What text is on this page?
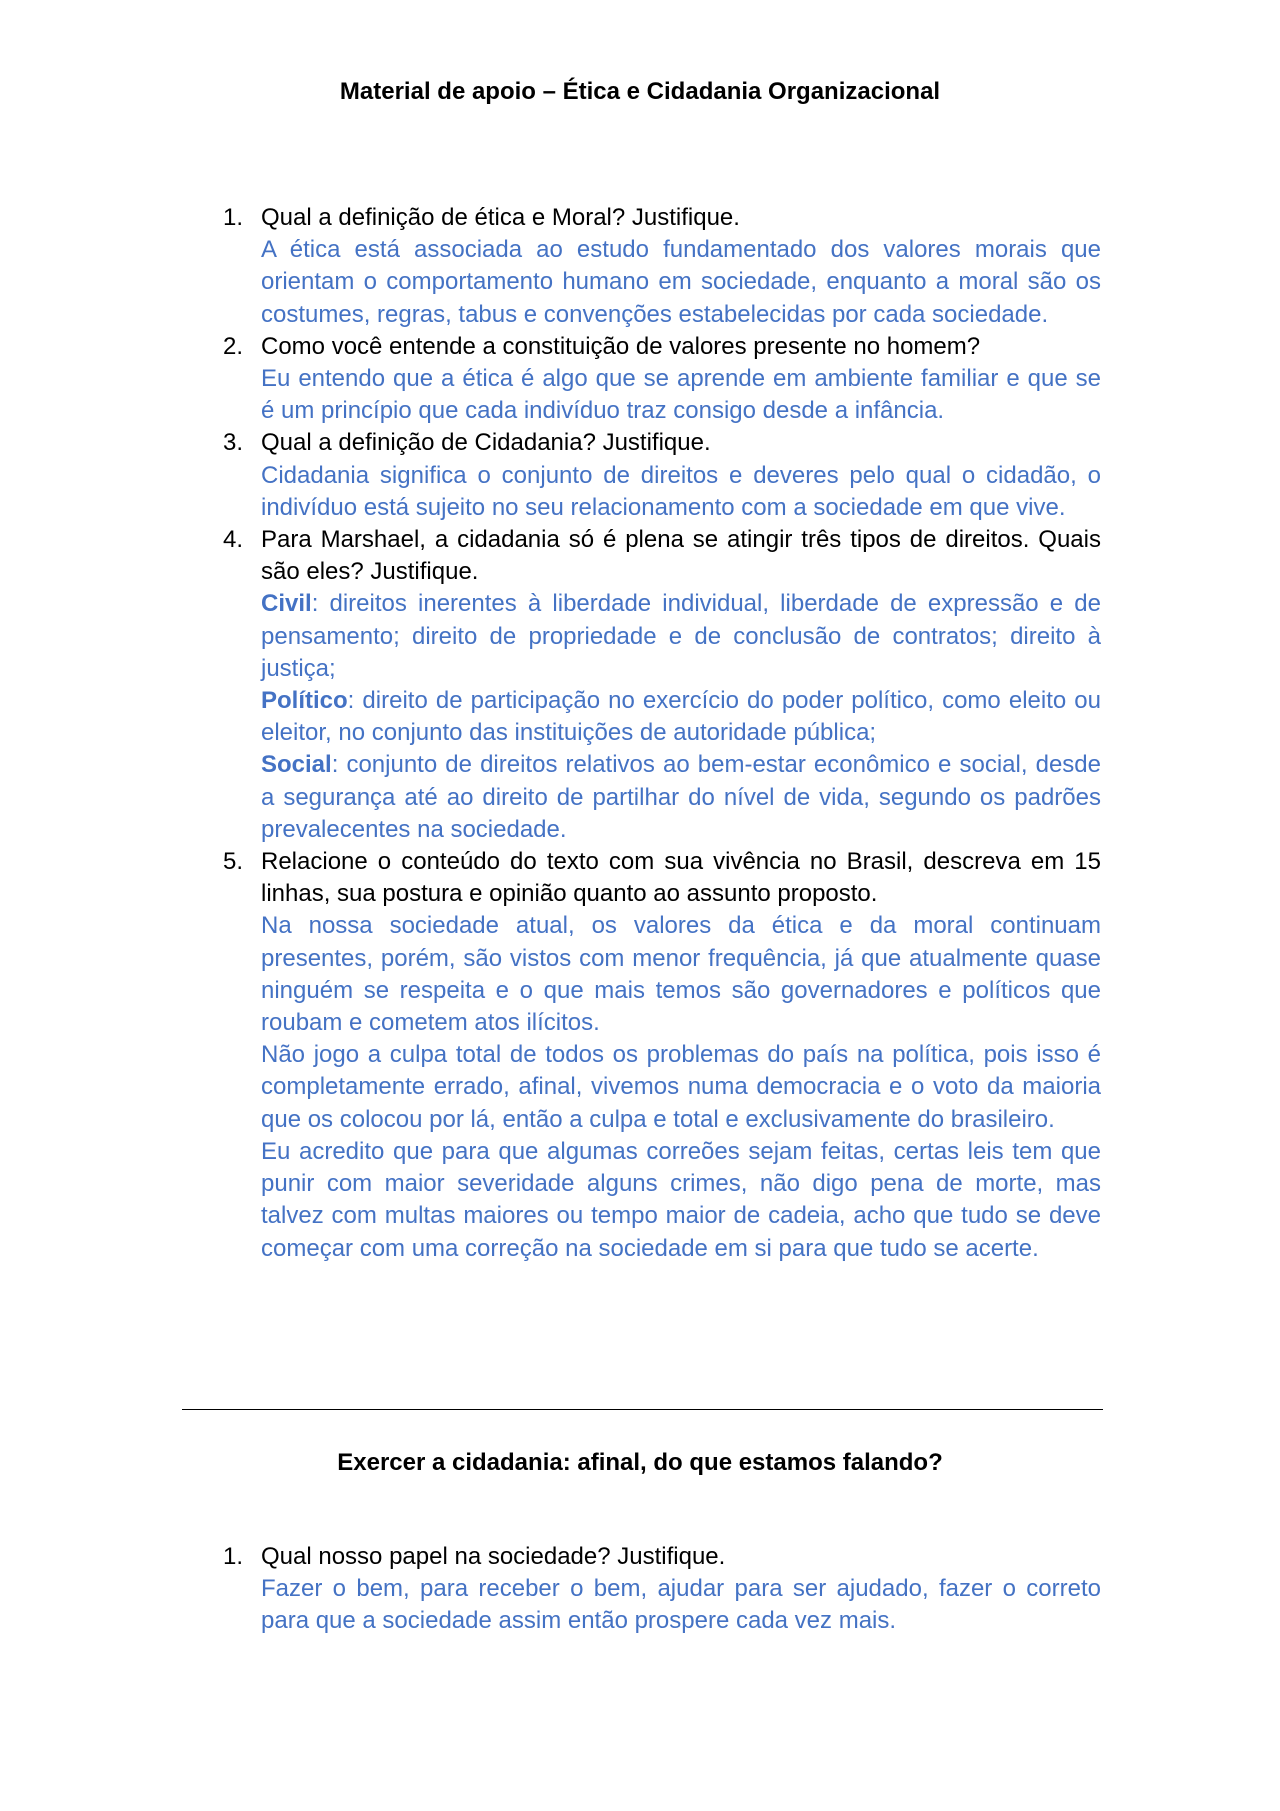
Material de apoio – Ética e Cidadania Organizacional
1. Qual a definição de ética e Moral? Justifique.
A ética está associada ao estudo fundamentado dos valores morais que orientam o comportamento humano em sociedade, enquanto a moral são os costumes, regras, tabus e convenções estabelecidas por cada sociedade.
2. Como você entende a constituição de valores presente no homem?
Eu entendo que a ética é algo que se aprende em ambiente familiar e que se é um princípio que cada indivíduo traz consigo desde a infância.
3. Qual a definição de Cidadania? Justifique.
Cidadania significa o conjunto de direitos e deveres pelo qual o cidadão, o indivíduo está sujeito no seu relacionamento com a sociedade em que vive.
4. Para Marshael, a cidadania só é plena se atingir três tipos de direitos. Quais são eles? Justifique.
Civil: direitos inerentes à liberdade individual, liberdade de expressão e de pensamento; direito de propriedade e de conclusão de contratos; direito à justiça;
Político: direito de participação no exercício do poder político, como eleito ou eleitor, no conjunto das instituições de autoridade pública;
Social: conjunto de direitos relativos ao bem-estar econômico e social, desde a segurança até ao direito de partilhar do nível de vida, segundo os padrões prevalecentes na sociedade.
5. Relacione o conteúdo do texto com sua vivência no Brasil, descreva em 15 linhas, sua postura e opinião quanto ao assunto proposto.
Na nossa sociedade atual, os valores da ética e da moral continuam presentes, porém, são vistos com menor frequência, já que atualmente quase ninguém se respeita e o que mais temos são governadores e políticos que roubam e cometem atos ilícitos.
Não jogo a culpa total de todos os problemas do país na política, pois isso é completamente errado, afinal, vivemos numa democracia e o voto da maioria que os colocou por lá, então a culpa e total e exclusivamente do brasileiro.
Eu acredito que para que algumas correões sejam feitas, certas leis tem que punir com maior severidade alguns crimes, não digo pena de morte, mas talvez com multas maiores ou tempo maior de cadeia, acho que tudo se deve começar com uma correção na sociedade em si para que tudo se acerte.
Exercer a cidadania: afinal, do que estamos falando?
1. Qual nosso papel na sociedade? Justifique.
Fazer o bem, para receber o bem, ajudar para ser ajudado, fazer o correto para que a sociedade assim então prospere cada vez mais.
